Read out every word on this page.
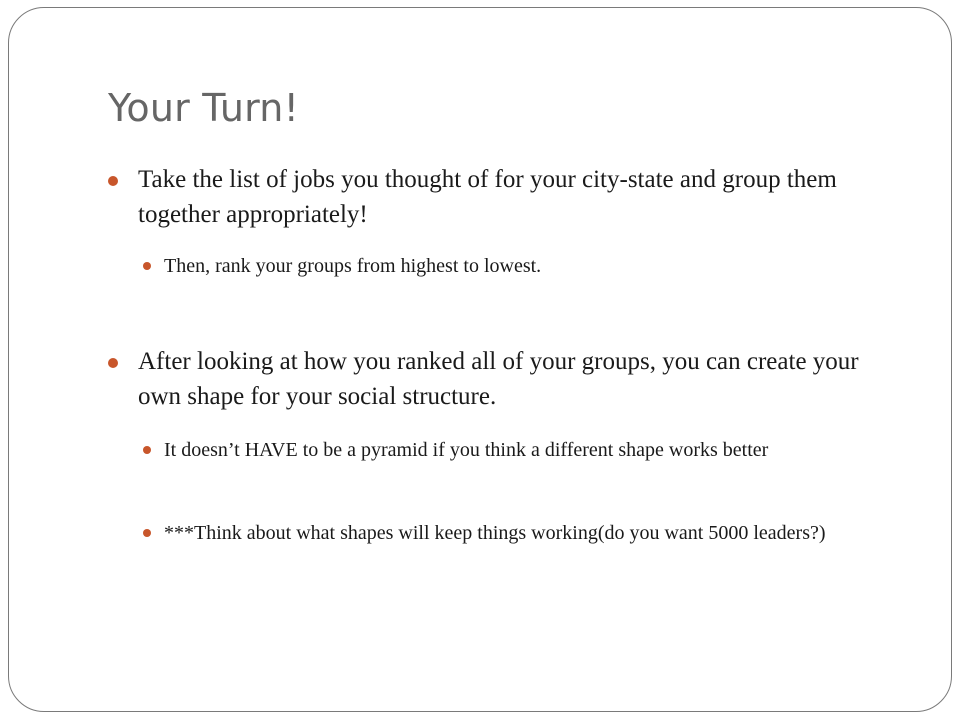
Your Turn!

Take the list of jobs you thought of for your city-state and group them together appropriately!

Then, rank your groups from highest to lowest.

After looking at how you ranked all of your groups, you can create your own shape for your social structure.

It doesn’t HAVE to be a pyramid if you think a different shape works better

***Think about what shapes will keep things working(do you want 5000 leaders?)
